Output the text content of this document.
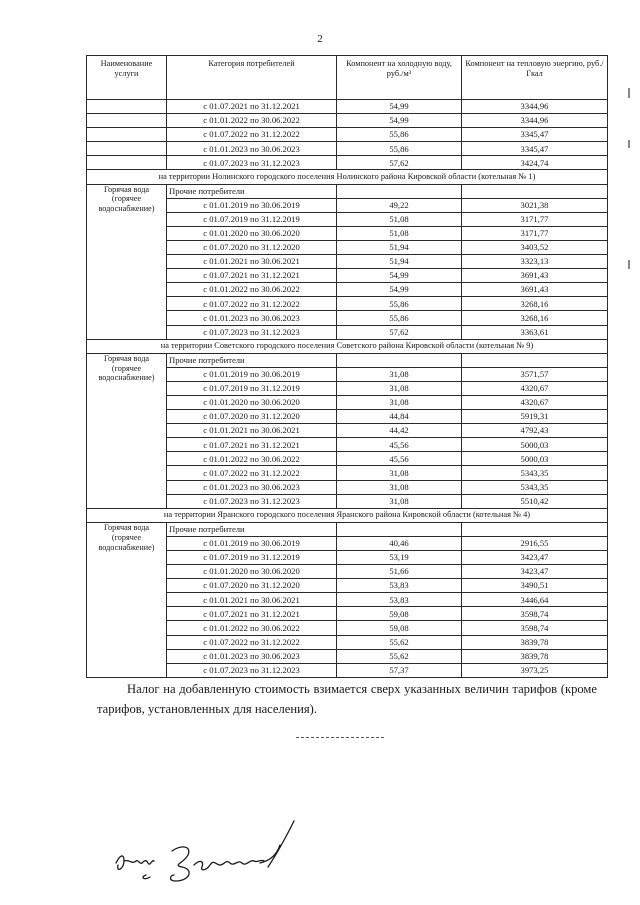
2
Наименование услуги	Категория потребителей	Компонент на холодную воду, руб./м³	Компонент на тепловую энергию, руб./Гкал
	с 01.07.2021 по 31.12.2021	54,99	3344,96
	с 01.01.2022 по 30.06.2022	54,99	3344,96
	с 01.07.2022 по 31.12.2022	55,86	3345,47
	с 01.01.2023 по 30.06.2023	55,86	3345,47
	с 01.07.2023 по 31.12.2023	57,62	3424,74
на территории Нолинского городского поселения Нолинского района Кировской области (котельная № 1)			

Горячая вода
(горячее
водоснабжение)	Прочие потребители		
	с 01.01.2019 по 30.06.2019	49,22	3021,38
	с 01.07.2019 по 31.12.2019	51,08	3171,77
	с 01.01.2020 по 30.06.2020	51,08	3171,77
	с 01.07.2020 по 31.12.2020	51,94	3403,52
	с 01.01.2021 по 30.06.2021	51,94	3323,13
	с 01.07.2021 по 31.12.2021	54,99	3691,43
	с 01.01.2022 по 30.06.2022	54,99	3691,43
	с 01.07.2022 по 31.12.2022	55,86	3268,16
	с 01.01.2023 по 30.06.2023	55,86	3268,16
	с 01.07.2023 по 31.12.2023	57,62	3363,61
на территории Советского городского поселения Советского района Кировской области (котельная № 9)			

Горячая вода
(горячее
водоснабжение)	Прочие потребители		
	с 01.01.2019 по 30.06.2019	31,08	3571,57
	с 01.07.2019 по 31.12.2019	31,08	4320,67
	с 01.01.2020 по 30.06.2020	31,08	4320,67
	с 01.07.2020 по 31.12.2020	44,84	5919,31
	с 01.01.2021 по 30.06.2021	44,42	4792,43
	с 01.07.2021 по 31.12.2021	45,56	5000,03
	с 01.01.2022 по 30.06.2022	45,56	5000,03
	с 01.07.2022 по 31.12.2022	31,08	5343,35
	с 01.01.2023 по 30.06.2023	31,08	5343,35
	с 01.07.2023 по 31.12.2023	31,08	5510,42
на территории Яранского городского поселения Яранского района Кировской области (котельная № 4)			

Горячая вода
(горячее
водоснабжение)	Прочие потребители		
	с 01.01.2019 по 30.06.2019	40,46	2916,55
	с 01.07.2019 по 31.12.2019	53,19	3423,47
	с 01.01.2020 по 30.06.2020	51,66	3423,47
	с 01.07.2020 по 31.12.2020	53,83	3490,51
	с 01.01.2021 по 30.06.2021	53,83	3446,64
	с 01.07.2021 по 31.12.2021	59,08	3598,74
	с 01.01.2022 по 30.06.2022	59,08	3598,74
	с 01.07.2022 по 31.12.2022	55,62	3839,78
	с 01.01.2023 по 30.06.2023	55,62	3839,78
	с 01.07.2023 по 31.12.2023	57,37	3973,25

Налог на добавленную стоимость взимается сверх указанных величин тарифов (кроме тарифов, установленных для населения).
